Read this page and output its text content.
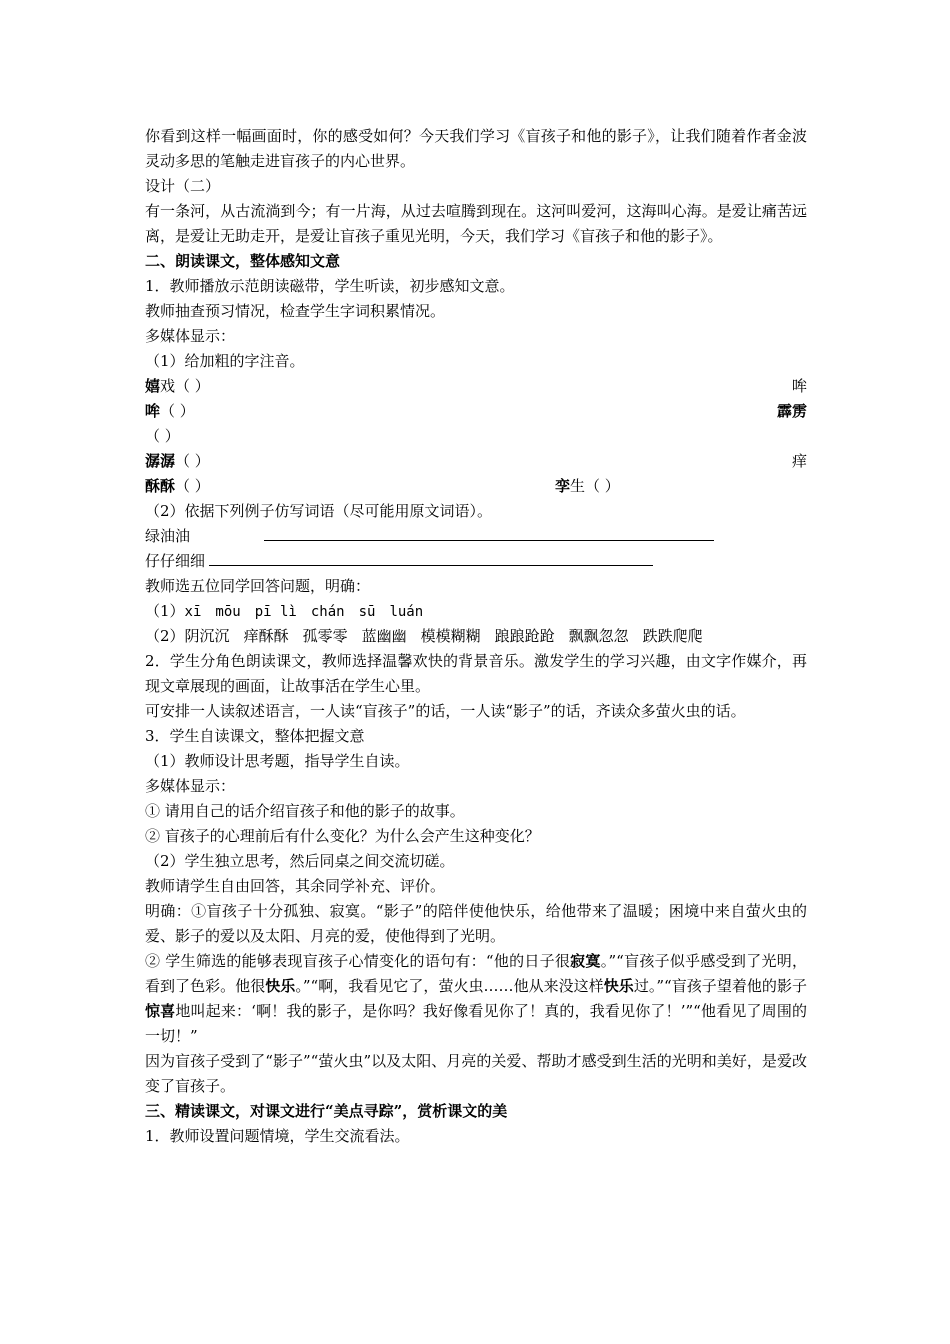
你看到这样一幅画面时，你的感受如何？今天我们学习《盲孩子和他的影子》，让我们随着作者金波灵动多思的笔触走进盲孩子的内心世界。
设计（二）
有一条河，从古流淌到今；有一片海，从过去喧腾到现在。这河叫爱河，这海叫心海。是爱让痛苦远离，是爱让无助走开，是爱让盲孩子重见光明，今天，我们学习《盲孩子和他的影子》。
二、朗读课文，整体感知文意
1．教师播放示范朗读磁带，学生听读，初步感知文意。
教师抽查预习情况，检查学生字词积累情况。
多媒体显示：
（1）给加粗的字注音。
嬉戏（ ）	哞
哞（ ）	霹雳
（ ）
潺潺（ ）	痒
酥酥（ ）	孪生（ ）
（2）依据下列例子仿写词语（尽可能用原文词语）。
绿油油
仔仔细细
教师选五位同学回答问题，明确：
（1）xī mōu pī lì chán sū luán
（2）阴沉沉 痒酥酥 孤零零 蓝幽幽 模模糊糊 踉踉跄跄 飘飘忽忽 跌跌爬爬
2．学生分角色朗读课文，教师选择温馨欢快的背景音乐。激发学生的学习兴趣，由文字作媒介，再现文章展现的画面，让故事活在学生心里。
可安排一人读叙述语言，一人读“盲孩子”的话，一人读“影子”的话，齐读众多萤火虫的话。
3．学生自读课文，整体把握文意
（1）教师设计思考题，指导学生自读。
多媒体显示：
① 请用自己的话介绍盲孩子和他的影子的故事。
② 盲孩子的心理前后有什么变化？为什么会产生这种变化？
（2）学生独立思考，然后同桌之间交流切磋。
教师请学生自由回答，其余同学补充、评价。
明确：①盲孩子十分孤独、寂寞。“影子”的陪伴使他快乐，给他带来了温暖；困境中来自萤火虫的爱、影子的爱以及太阳、月亮的爱，使他得到了光明。
② 学生筛选的能够表现盲孩子心情变化的语句有：“他的日子很寂寞。”“盲孩子似乎感受到了光明，看到了色彩。他很快乐。”“啊，我看见它了，萤火虫……他从来没这样快乐过。”“盲孩子望着他的影子惊喜地叫起来：‘啊！我的影子，是你吗？我好像看见你了！真的，我看见你了！’”“他看见了周围的一切！”
因为盲孩子受到了“影子”“萤火虫”以及太阳、月亮的关爱、帮助才感受到生活的光明和美好，是爱改变了盲孩子。
三、精读课文，对课文进行“美点寻踪”，赏析课文的美
1．教师设置问题情境，学生交流看法。
